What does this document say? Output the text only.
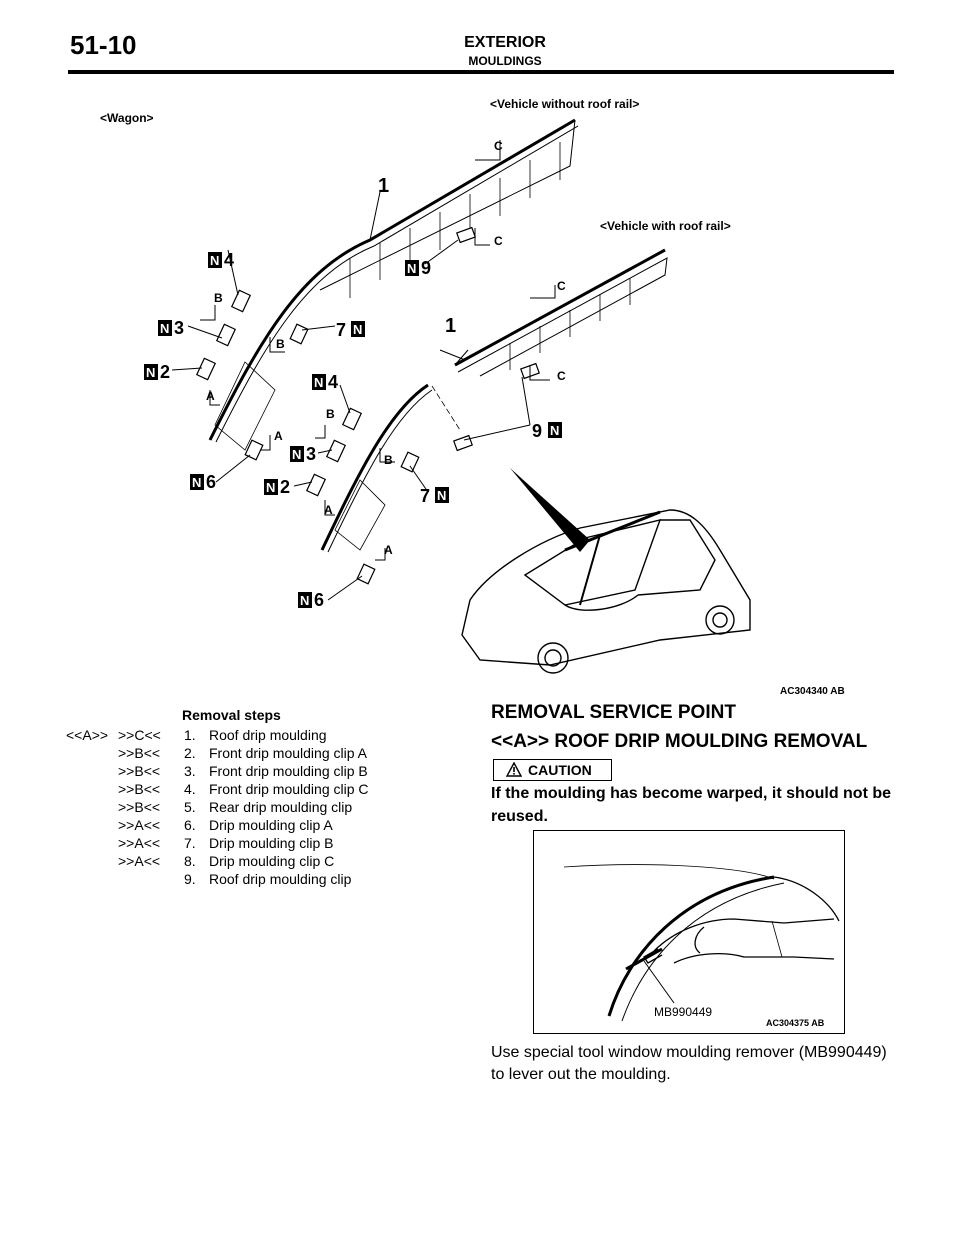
51-10	EXTERIOR
MOULDINGS
<Wagon>
<Vehicle without roof rail>
<Vehicle with roof rail>
1
1
N 4
N 3
N 2
N 6
7 N
N 9
N 4
N 3
N 2
N 6
7 N
9 N
B
B
A
A
C
C
C
C
B
B
A
A
AC304340 AB
Removal steps
<<A>> >>C<<	1. Roof drip moulding
>>B<<	2. Front drip moulding clip A
>>B<<	3. Front drip moulding clip B
>>B<<	4. Front drip moulding clip C
>>B<<	5. Rear drip moulding clip
>>A<<	6. Drip moulding clip A
>>A<<	7. Drip moulding clip B
>>A<<	8. Drip moulding clip C
9. Roof drip moulding clip
REMOVAL SERVICE POINT
<<A>> ROOF DRIP MOULDING REMOVAL
CAUTION
If the moulding has become warped, it should not be reused.
MB990449
AC304375 AB
Use special tool window moulding remover (MB990449) to lever out the moulding.
